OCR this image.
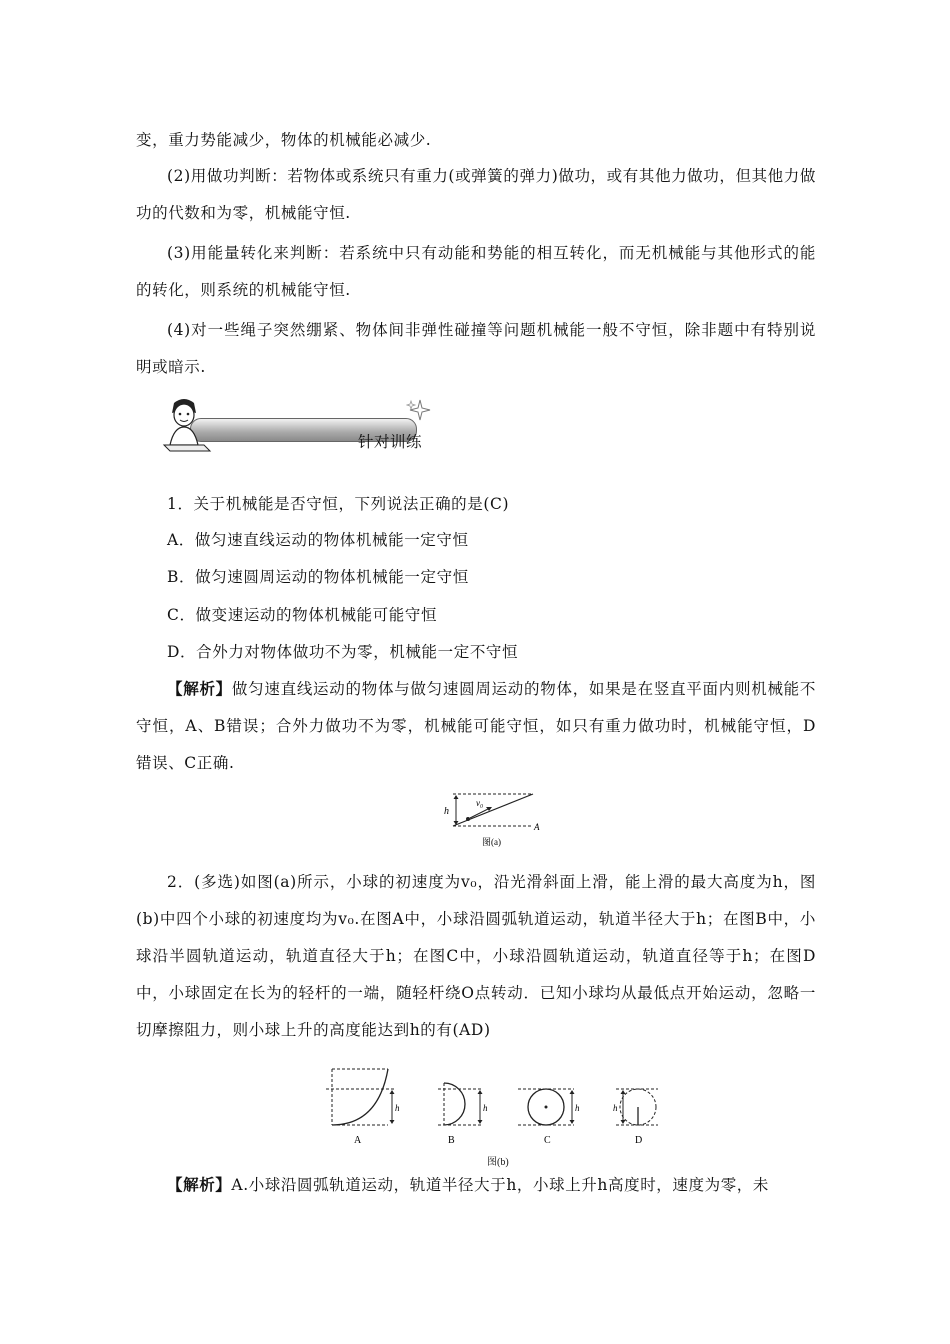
变，重力势能减少，物体的机械能必减少.

(2)用做功判断：若物体或系统只有重力(或弹簧的弹力)做功，或有其他力做功，但其他力做功的代数和为零，机械能守恒.

(3)用能量转化来判断：若系统中只有动能和势能的相互转化，而无机械能与其他形式的能的转化，则系统的机械能守恒.

(4)对一些绳子突然绷紧、物体间非弹性碰撞等问题机械能一般不守恒，除非题中有特别说明或暗示.

针对训练
1．关于机械能是否守恒，下列说法正确的是(C)
A．做匀速直线运动的物体机械能一定守恒
B．做匀速圆周运动的物体机械能一定守恒
C．做变速运动的物体机械能可能守恒
D．合外力对物体做功不为零，机械能一定不守恒

【解析】做匀速直线运动的物体与做匀速圆周运动的物体，如果是在竖直平面内则机械能不守恒，A、B错误；合外力做功不为零，机械能可能守恒，如只有重力做功时，机械能守恒，D错误、C正确.

h
v₀
A
图(a)

2．(多选)如图(a)所示，小球的初速度为v₀，沿光滑斜面上滑，能上滑的最大高度为h，图(b)中四个小球的初速度均为v₀.在图A中，小球沿圆弧轨道运动，轨道半径大于h；在图B中，小球沿半圆轨道运动，轨道直径大于h；在图C中，小球沿圆轨道运动，轨道直径等于h；在图D中，小球固定在长为的轻杆的一端，随轻杆绕O点转动．已知小球均从最低点开始运动，忽略一切摩擦阻力，则小球上升的高度能达到h的有(AD)

h
A
h
B
h
C
h
D
图(b)
【解析】A.小球沿圆弧轨道运动，轨道半径大于h，小球上升h高度时，速度为零，未
